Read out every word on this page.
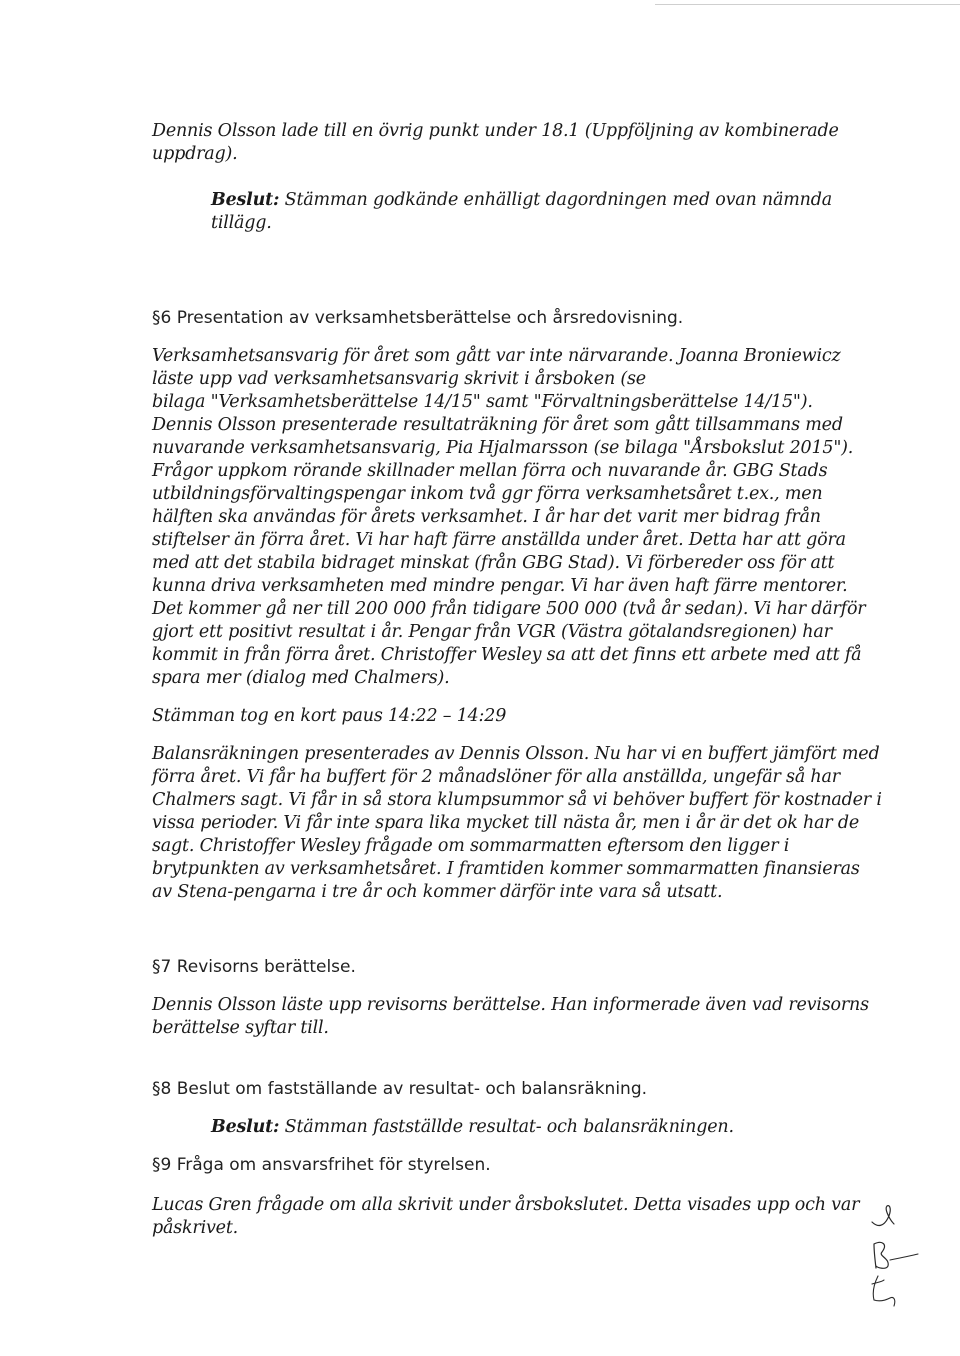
Dennis Olsson lade till en övrig punkt under 18.1 (Uppföljning av kombinerade
uppdrag).
Beslut: Stämman godkände enhälligt dagordningen med ovan nämnda
tillägg.
§6 Presentation av verksamhetsberättelse och årsredovisning.
Verksamhetsansvarig för året som gått var inte närvarande. Joanna Broniewicz
läste upp vad verksamhetsansvarig skrivit i årsboken (se
bilaga "Verksamhetsberättelse 14/15" samt "Förvaltningsberättelse 14/15").
Dennis Olsson presenterade resultaträkning för året som gått tillsammans med
nuvarande verksamhetsansvarig, Pia Hjalmarsson (se bilaga "Årsbokslut 2015").
Frågor uppkom rörande skillnader mellan förra och nuvarande år. GBG Stads
utbildningsförvaltingspengar inkom två ggr förra verksamhetsåret t.ex., men
hälften ska användas för årets verksamhet. I år har det varit mer bidrag från
stiftelser än förra året. Vi har haft färre anställda under året. Detta har att göra
med att det stabila bidraget minskat (från GBG Stad). Vi förbereder oss för att
kunna driva verksamheten med mindre pengar. Vi har även haft färre mentorer.
Det kommer gå ner till 200 000 från tidigare 500 000 (två år sedan). Vi har därför
gjort ett positivt resultat i år. Pengar från VGR (Västra götalandsregionen) har
kommit in från förra året. Christoffer Wesley sa att det finns ett arbete med att få
spara mer (dialog med Chalmers).
Stämman tog en kort paus 14:22 – 14:29
Balansräkningen presenterades av Dennis Olsson. Nu har vi en buffert jämfört med
förra året. Vi får ha buffert för 2 månadslöner för alla anställda, ungefär så har
Chalmers sagt. Vi får in så stora klumpsummor så vi behöver buffert för kostnader i
vissa perioder. Vi får inte spara lika mycket till nästa år, men i år är det ok har de
sagt. Christoffer Wesley frågade om sommarmatten eftersom den ligger i
brytpunkten av verksamhetsåret. I framtiden kommer sommarmatten finansieras
av Stena-pengarna i tre år och kommer därför inte vara så utsatt.
§7 Revisorns berättelse.
Dennis Olsson läste upp revisorns berättelse. Han informerade även vad revisorns
berättelse syftar till.
§8 Beslut om fastställande av resultat- och balansräkning.
Beslut: Stämman fastställde resultat- och balansräkningen.
§9 Fråga om ansvarsfrihet för styrelsen.
Lucas Gren frågade om alla skrivit under årsbokslutet. Detta visades upp och var
påskrivet.
